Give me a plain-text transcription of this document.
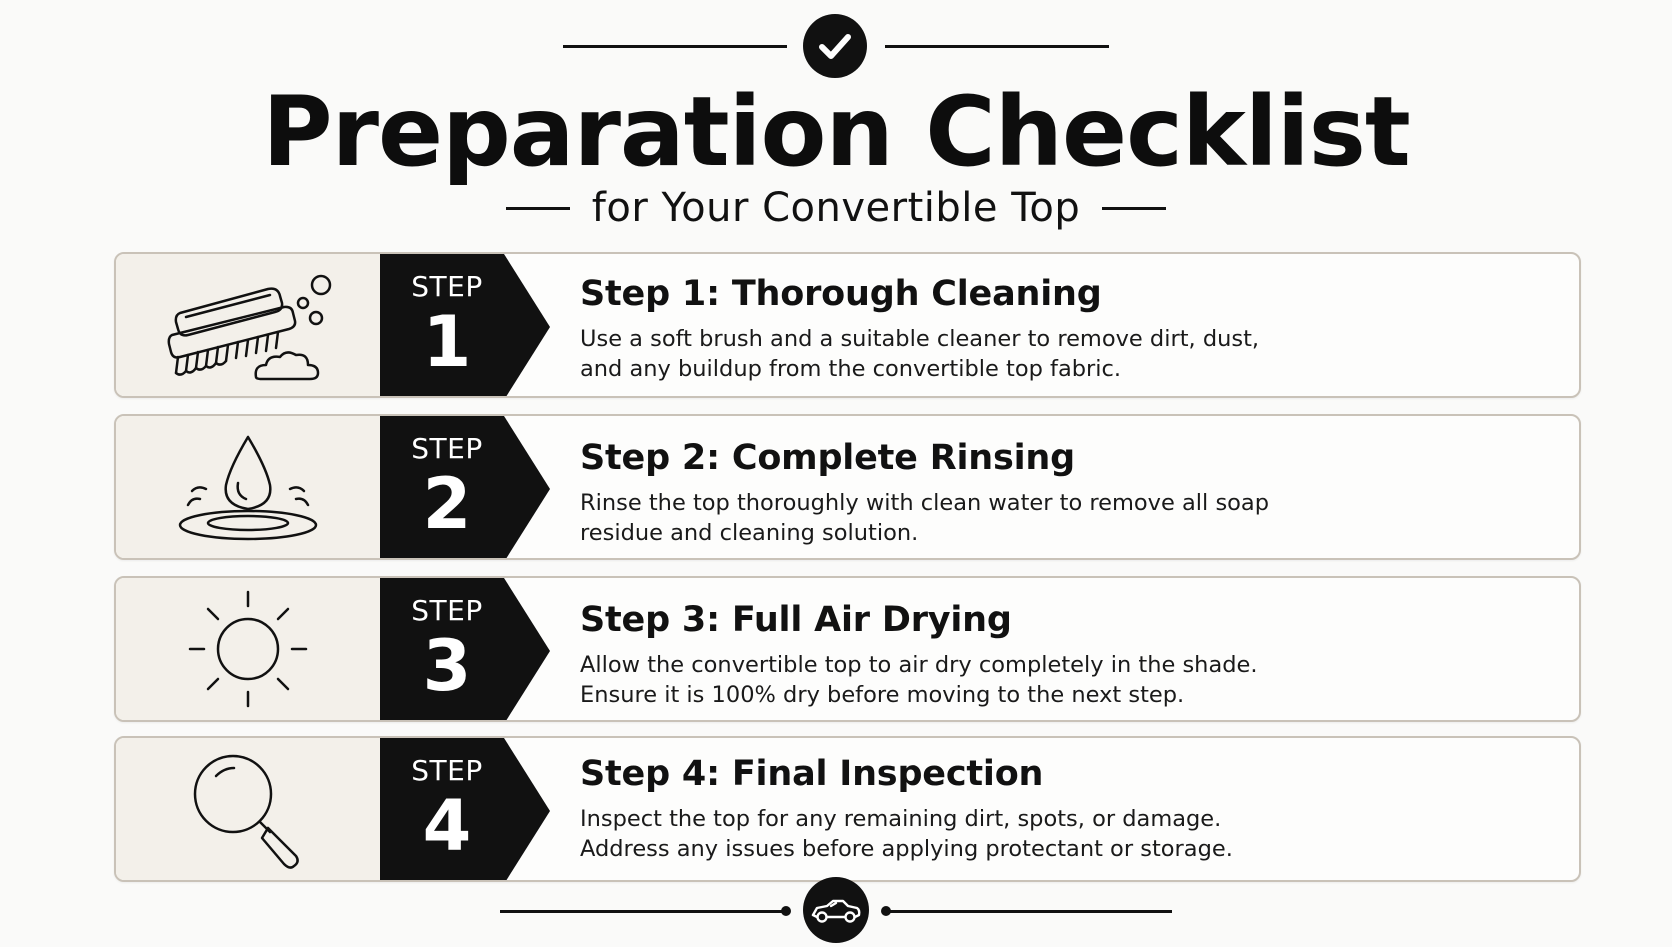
Preparation Checklist
for Your Convertible Top
STEP
1
Step 1: Thorough Cleaning

Use a soft brush and a suitable cleaner to remove dirt, dust,
and any buildup from the convertible top fabric.

STEP
2
Step 2: Complete Rinsing

Rinse the top thoroughly with clean water to remove all soap
residue and cleaning solution.

STEP
3
Step 3: Full Air Drying

Allow the convertible top to air dry completely in the shade.
Ensure it is 100% dry before moving to the next step.

STEP
4
Step 4: Final Inspection

Inspect the top for any remaining dirt, spots, or damage.
Address any issues before applying protectant or storage.
